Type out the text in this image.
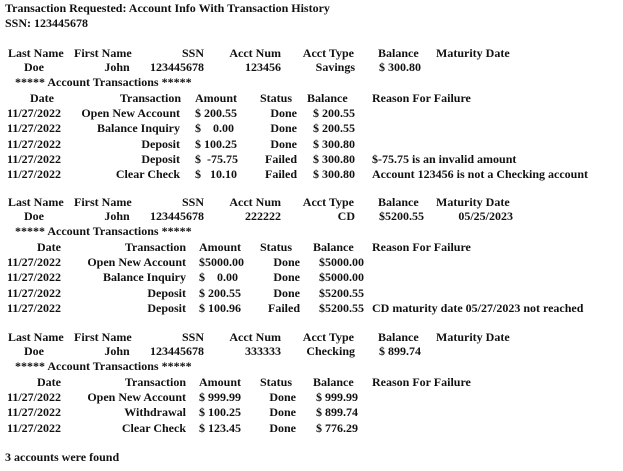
Transaction Requested: Account Info With Transaction History
SSN: 123445678
Last Name First Name	SSN Acct Num Acct Type Balance Maturity Date
Doe	John	123445678	123456	Savings $ 300.80
***** Account Transactions *****
Date	Transaction Amount Status Balance Reason For Failure
11/27/2022 Open New Account $ 200.55	Done $ 200.55
11/27/2022	Balance Inquiry $    0.00	Done $ 200.55
11/27/2022	Deposit $ 100.25	Done $ 300.80
11/27/2022	Deposit $  -75.75 Failed $ 300.80 $-75.75 is an invalid amount
11/27/2022	Clear Check $   10.10 Failed $ 300.80 Account 123456 is not a Checking account
Last Name First Name	SSN Acct Num Acct Type Balance Maturity Date
Doe	John	123445678	222222	CD $5200.55	05/25/2023
***** Account Transactions *****
Date	Transaction Amount Status Balance Reason For Failure
11/27/2022 Open New Account $5000.00 Done $5000.00
11/27/2022	Balance Inquiry $    0.00	Done $5000.00
11/27/2022	Deposit $ 200.55	Done $5200.55
11/27/2022	Deposit $ 100.96 Failed $5200.55 CD maturity date 05/27/2023 not reached
Last Name First Name	SSN Acct Num Acct Type Balance Maturity Date
Doe	John	123445678	333333 Checking $ 899.74
***** Account Transactions *****
Date	Transaction Amount Status Balance Reason For Failure
11/27/2022 Open New Account $ 999.99 Done $ 999.99
11/27/2022	Withdrawal $ 100.25 Done $ 899.74
11/27/2022	Clear Check $ 123.45 Done $ 776.29
3 accounts were found
